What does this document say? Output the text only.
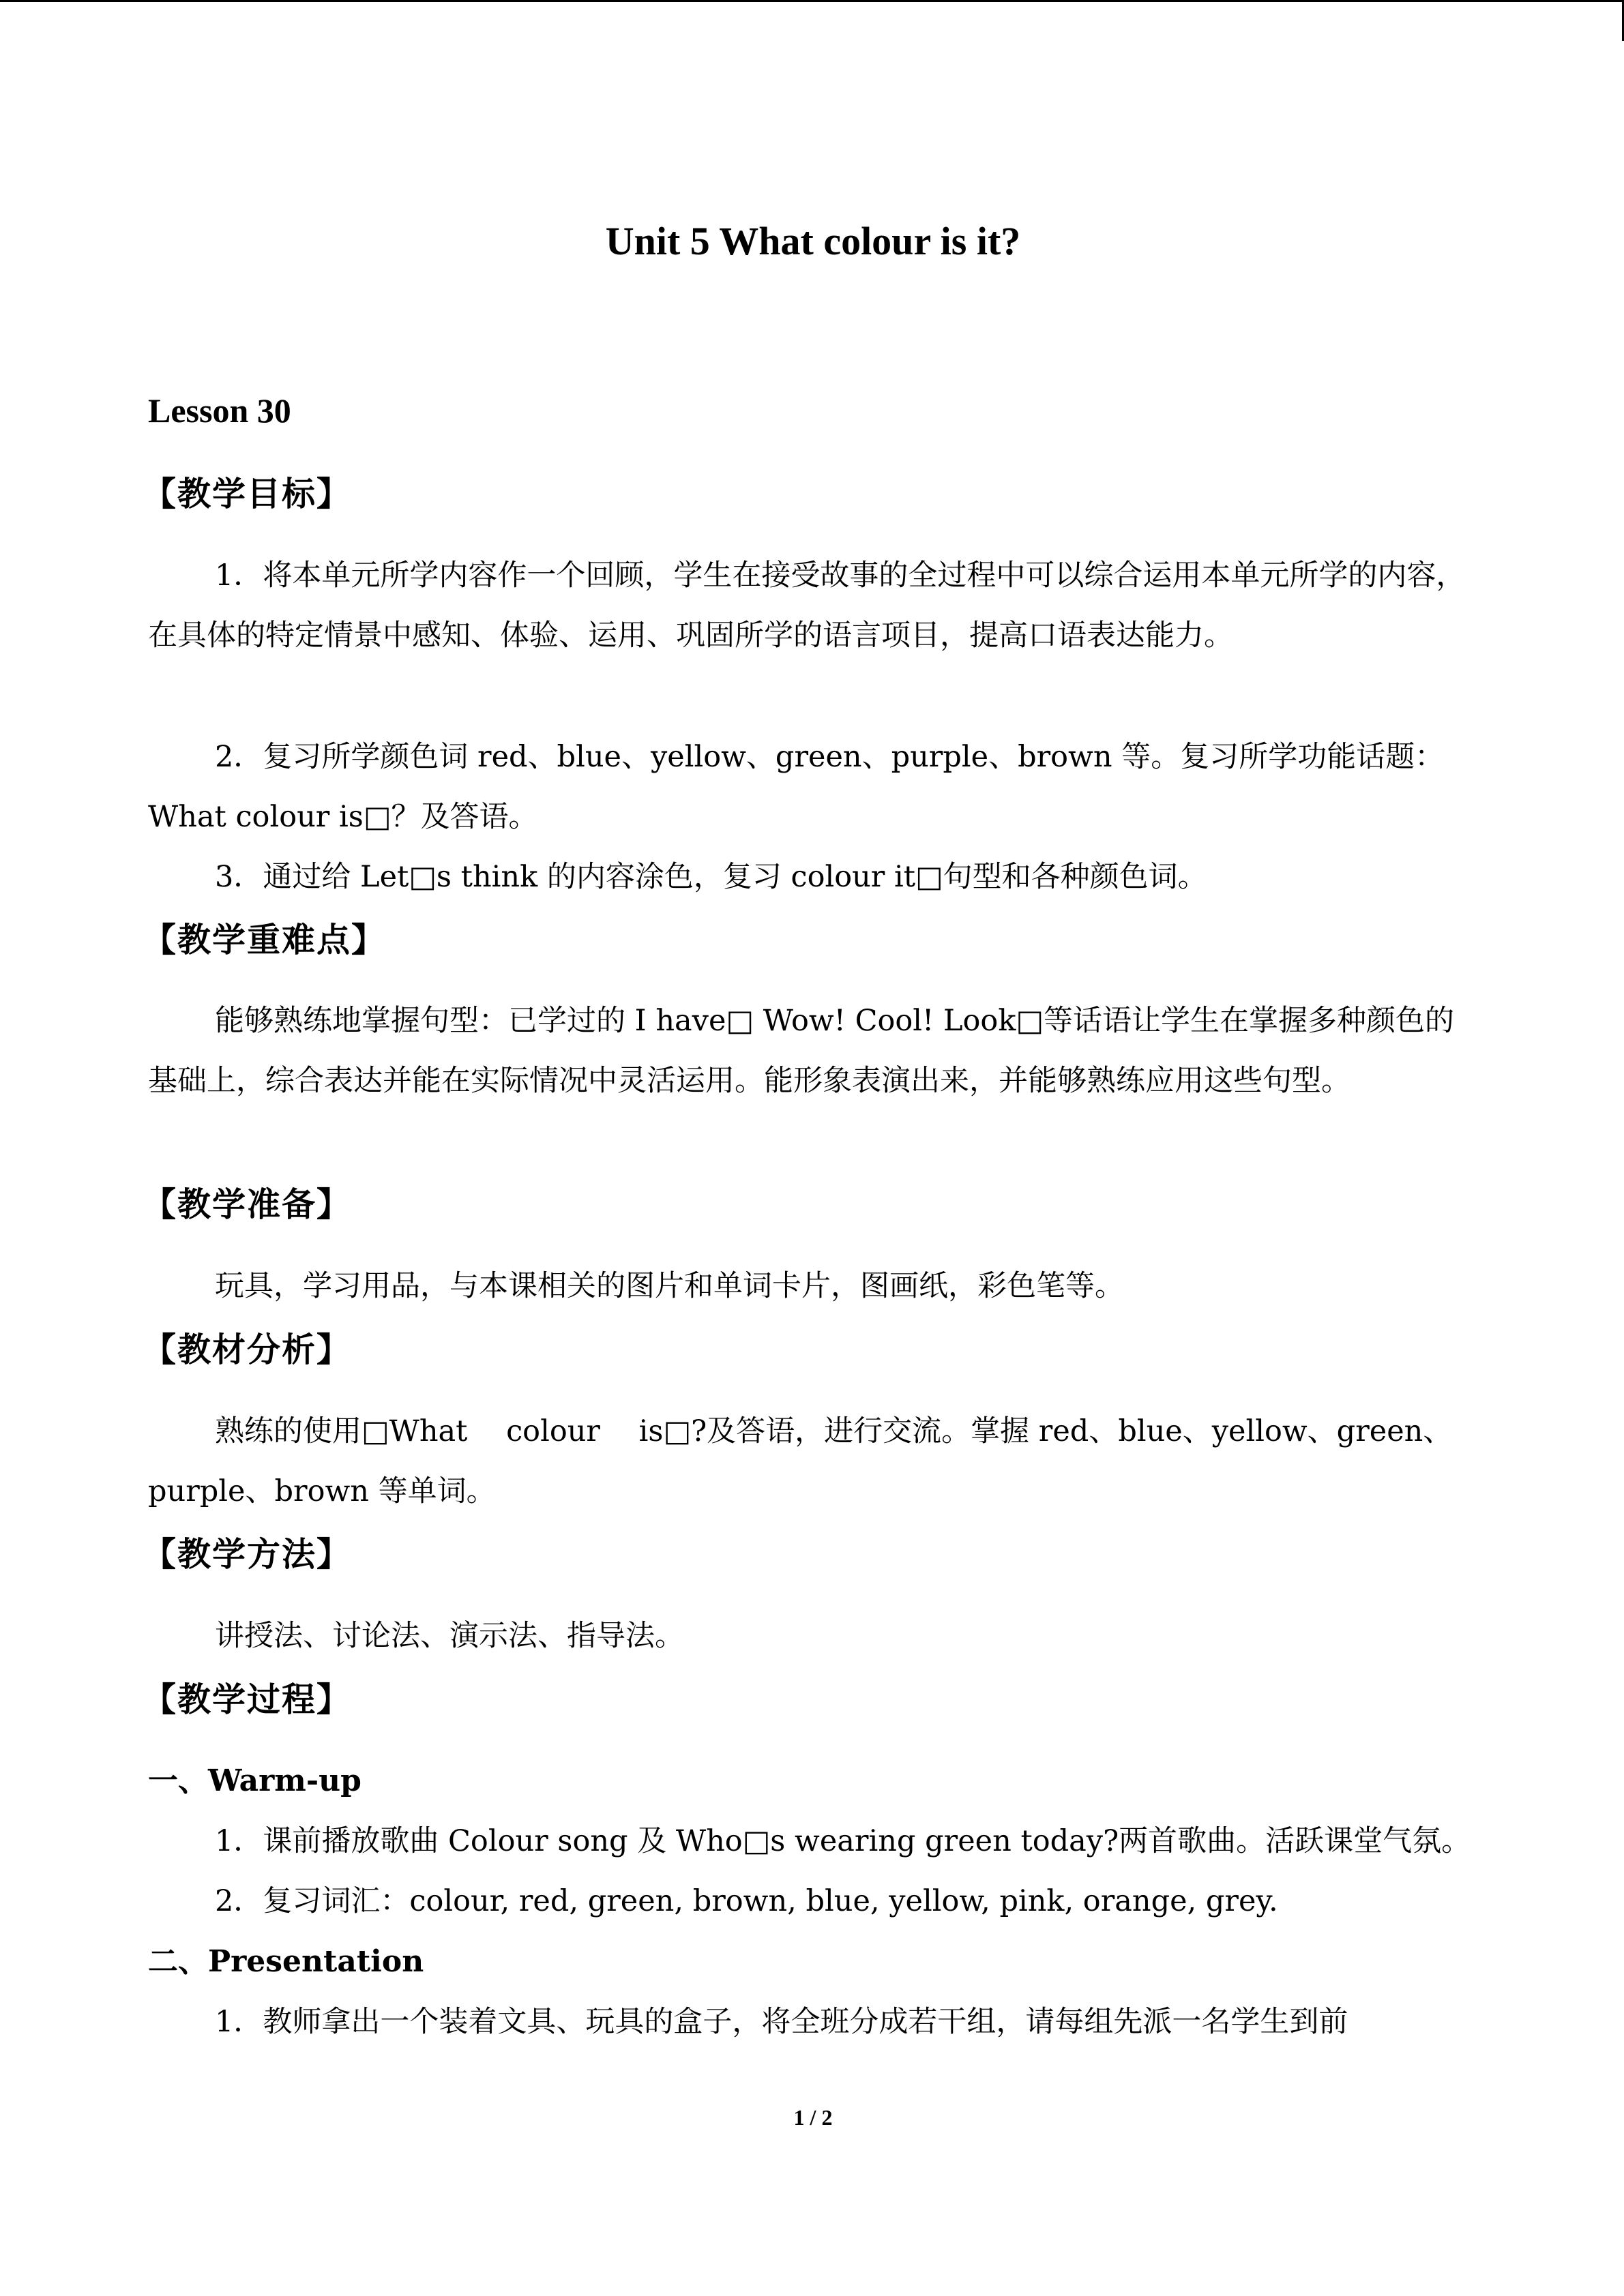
Unit 5 What colour is it?
Lesson 30
【教学目标】
1．将本单元所学内容作一个回顾，学生在接受故事的全过程中可以综合运用本单元所学的内容，在具体的特定情景中感知、体验、运用、巩固所学的语言项目，提高口语表达能力。
2．复习所学颜色词 red、blue、yellow、green、purple、brown 等。复习所学功能话题：What colour is□？及答语。
3．通过给 Let□s think 的内容涂色，复习 colour it□句型和各种颜色词。
【教学重难点】
能够熟练地掌握句型：已学过的 I have□ Wow! Cool! Look□等话语让学生在掌握多种颜色的基础上，综合表达并能在实际情况中灵活运用。能形象表演出来，并能够熟练应用这些句型。
【教学准备】
玩具，学习用品，与本课相关的图片和单词卡片，图画纸，彩色笔等。
【教材分析】
熟练的使用□What　 colour　 is□?及答语，进行交流。掌握 red、blue、yellow、green、purple、brown 等单词。
【教学方法】
讲授法、讨论法、演示法、指导法。
【教学过程】
一、Warm-up
1．课前播放歌曲 Colour song 及 Who□s wearing green today?两首歌曲。活跃课堂气氛。
2．复习词汇：colour, red, green, brown, blue, yellow, pink, orange, grey.
二、Presentation
1．教师拿出一个装着文具、玩具的盒子，将全班分成若干组，请每组先派一名学生到前
1 / 2
